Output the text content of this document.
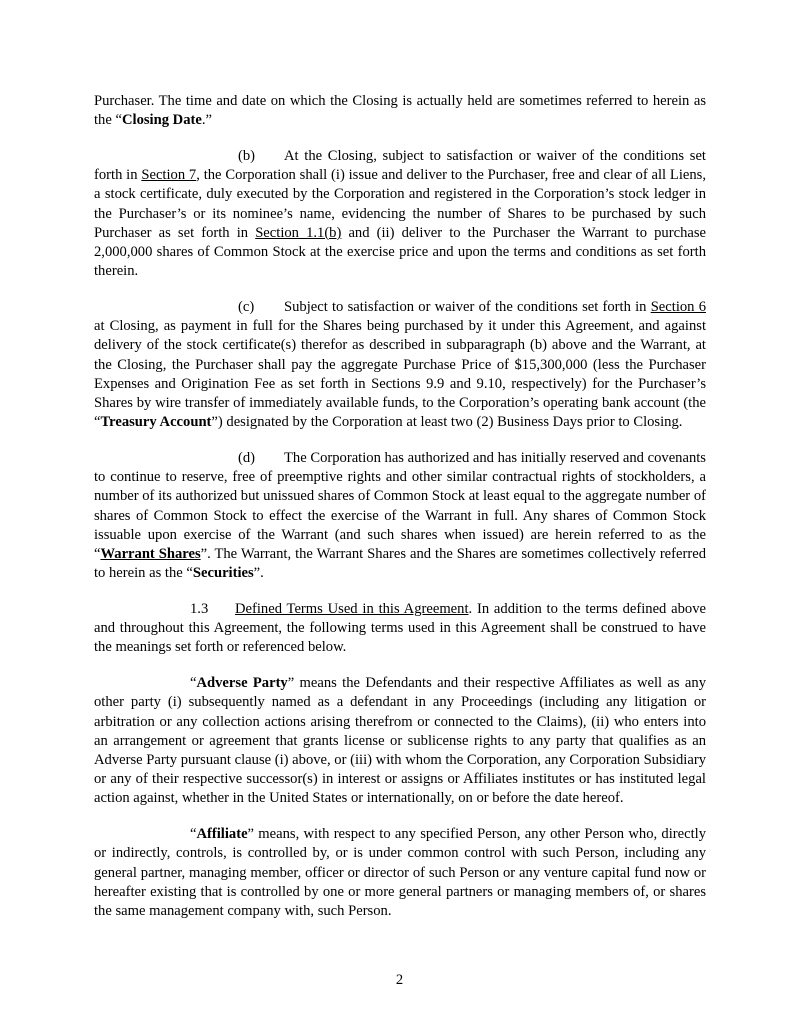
Purchaser. The time and date on which the Closing is actually held are sometimes referred to herein as the “Closing Date.”

(b) At the Closing, subject to satisfaction or waiver of the conditions set forth in Section 7, the Corporation shall (i) issue and deliver to the Purchaser, free and clear of all Liens, a stock certificate, duly executed by the Corporation and registered in the Corporation’s stock ledger in the Purchaser’s or its nominee’s name, evidencing the number of Shares to be purchased by such Purchaser as set forth in Section 1.1(b) and (ii) deliver to the Purchaser the Warrant to purchase 2,000,000 shares of Common Stock at the exercise price and upon the terms and conditions as set forth therein.

(c) Subject to satisfaction or waiver of the conditions set forth in Section 6 at Closing, as payment in full for the Shares being purchased by it under this Agreement, and against delivery of the stock certificate(s) therefor as described in subparagraph (b) above and the Warrant, at the Closing, the Purchaser shall pay the aggregate Purchase Price of $15,300,000 (less the Purchaser Expenses and Origination Fee as set forth in Sections 9.9 and 9.10, respectively) for the Purchaser’s Shares by wire transfer of immediately available funds, to the Corporation’s operating bank account (the “Treasury Account”) designated by the Corporation at least two (2) Business Days prior to Closing.

(d) The Corporation has authorized and has initially reserved and covenants to continue to reserve, free of preemptive rights and other similar contractual rights of stockholders, a number of its authorized but unissued shares of Common Stock at least equal to the aggregate number of shares of Common Stock to effect the exercise of the Warrant in full. Any shares of Common Stock issuable upon exercise of the Warrant (and such shares when issued) are herein referred to as the “Warrant Shares”. The Warrant, the Warrant Shares and the Shares are sometimes collectively referred to herein as the “Securities”.

1.3 Defined Terms Used in this Agreement. In addition to the terms defined above and throughout this Agreement, the following terms used in this Agreement shall be construed to have the meanings set forth or referenced below.

“Adverse Party” means the Defendants and their respective Affiliates as well as any other party (i) subsequently named as a defendant in any Proceedings (including any litigation or arbitration or any collection actions arising therefrom or connected to the Claims), (ii) who enters into an arrangement or agreement that grants license or sublicense rights to any party that qualifies as an Adverse Party pursuant clause (i) above, or (iii) with whom the Corporation, any Corporation Subsidiary or any of their respective successor(s) in interest or assigns or Affiliates institutes or has instituted legal action against, whether in the United States or internationally, on or before the date hereof.

“Affiliate” means, with respect to any specified Person, any other Person who, directly or indirectly, controls, is controlled by, or is under common control with such Person, including any general partner, managing member, officer or director of such Person or any venture capital fund now or hereafter existing that is controlled by one or more general partners or managing members of, or shares the same management company with, such Person.

2
